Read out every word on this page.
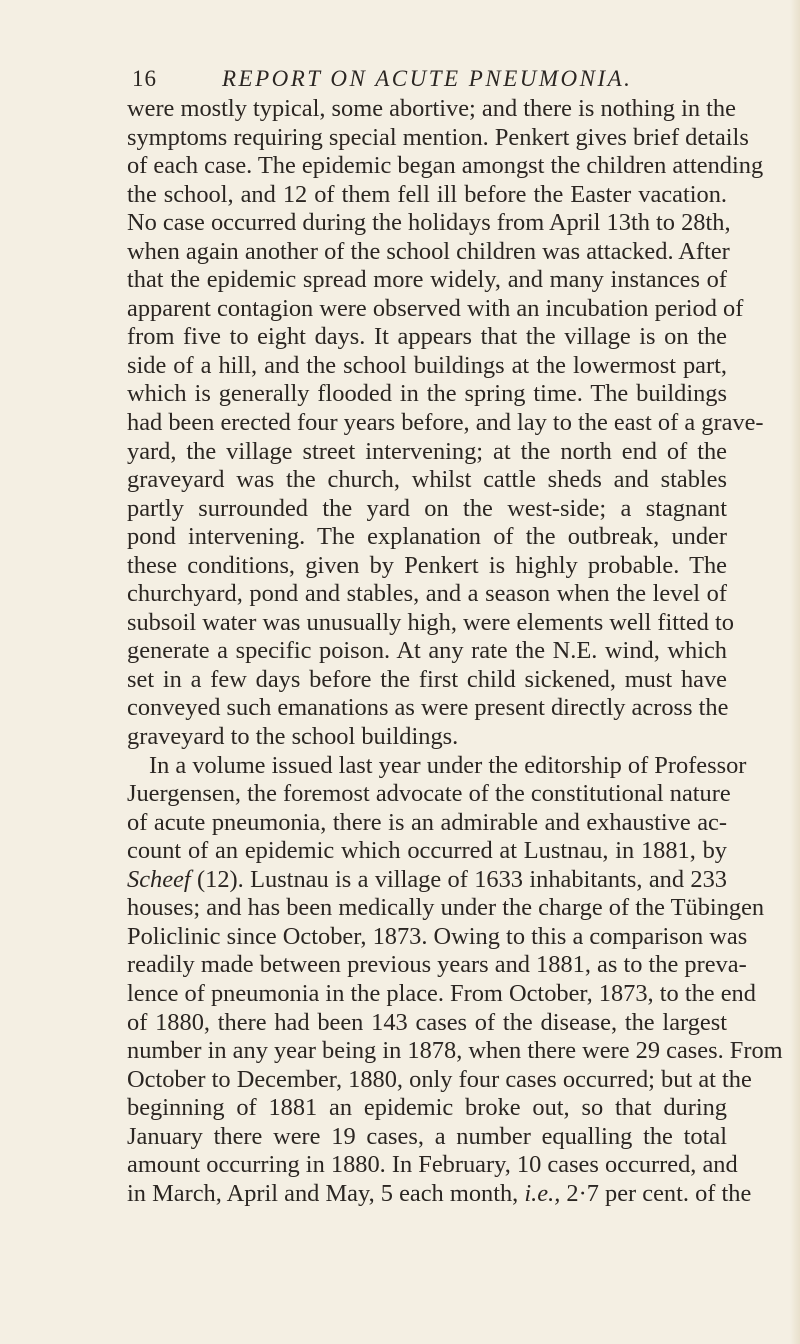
16	REPORT ON ACUTE PNEUMONIA.
were mostly typical, some abortive; and there is nothing in the
symptoms requiring special mention. Penkert gives brief details
of each case. The epidemic began amongst the children attending
the school, and 12 of them fell ill before the Easter vacation.
No case occurred during the holidays from April 13th to 28th,
when again another of the school children was attacked. After
that the epidemic spread more widely, and many instances of
apparent contagion were observed with an incubation period of
from five to eight days. It appears that the village is on the
side of a hill, and the school buildings at the lowermost part,
which is generally flooded in the spring time. The buildings
had been erected four years before, and lay to the east of a grave-
yard, the village street intervening; at the north end of the
graveyard was the church, whilst cattle sheds and stables
partly surrounded the yard on the west-side; a stagnant
pond intervening. The explanation of the outbreak, under
these conditions, given by Penkert is highly probable. The
churchyard, pond and stables, and a season when the level of
subsoil water was unusually high, were elements well fitted to
generate a specific poison. At any rate the N.E. wind, which
set in a few days before the first child sickened, must have
conveyed such emanations as were present directly across the
graveyard to the school buildings.
In a volume issued last year under the editorship of Professor
Juergensen, the foremost advocate of the constitutional nature
of acute pneumonia, there is an admirable and exhaustive ac-
count of an epidemic which occurred at Lustnau, in 1881, by
Scheef (12). Lustnau is a village of 1633 inhabitants, and 233
houses; and has been medically under the charge of the Tübingen
Policlinic since October, 1873. Owing to this a comparison was
readily made between previous years and 1881, as to the preva-
lence of pneumonia in the place. From October, 1873, to the end
of 1880, there had been 143 cases of the disease, the largest
number in any year being in 1878, when there were 29 cases. From
October to December, 1880, only four cases occurred; but at the
beginning of 1881 an epidemic broke out, so that during
January there were 19 cases, a number equalling the total
amount occurring in 1880. In February, 10 cases occurred, and
in March, April and May, 5 each month, i.e., 2·7 per cent. of the
